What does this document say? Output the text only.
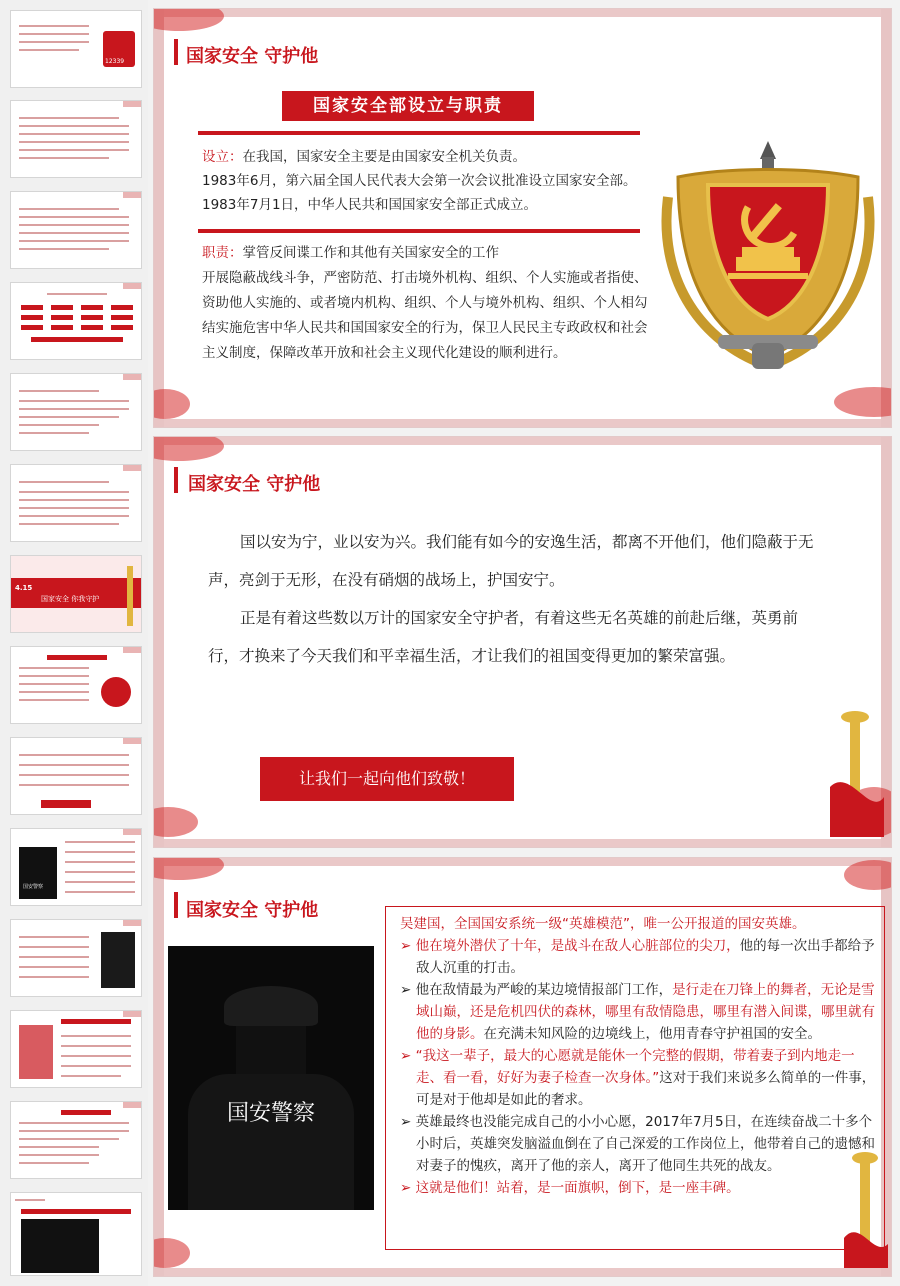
12339
4.15
国家安全 你我守护
国安警察
国家安全 守护他
国家安全部设立与职责

设立：在我国，国家安全主要是由国家安全机关负责。

1983年6月，第六届全国人民代表大会第一次会议批准设立国家安全部。1983年7月1日，中华人民共和国国家安全部正式成立。

职责：掌管反间谍工作和其他有关国家安全的工作

开展隐蔽战线斗争，严密防范、打击境外机构、组织、个人实施或者指使、资助他人实施的、或者境内机构、组织、个人与境外机构、组织、个人相勾结实施危害中华人民共和国国家安全的行为，保卫人民民主专政政权和社会主义制度，保障改革开放和社会主义现代化建设的顺利进行。

国家安全 守护他

国以安为宁，业以安为兴。我们能有如今的安逸生活，都离不开他们，他们隐蔽于无声，亮剑于无形，在没有硝烟的战场上，护国安宁。

正是有着这些数以万计的国家安全守护者，有着这些无名英雄的前赴后继，英勇前行，才换来了今天我们和平幸福生活，才让我们的祖国变得更加的繁荣富强。

让我们一起向他们致敬！
国家安全 守护他
国安警察

吴建国，全国国安系统一级“英雄模范”，唯一公开报道的国安英雄。

➢ 他在境外潜伏了十年，是战斗在敌人心脏部位的尖刀，他的每一次出手都给予敌人沉重的打击。

➢ 他在敌情最为严峻的某边境情报部门工作，是行走在刀锋上的舞者，无论是雪域山巅，还是危机四伏的森林，哪里有敌情隐患，哪里有潜入间谍，哪里就有他的身影。在充满未知风险的边境线上，他用青春守护祖国的安全。

➢ “我这一辈子，最大的心愿就是能休一个完整的假期，带着妻子到内地走一走、看一看，好好为妻子检查一次身体。”这对于我们来说多么简单的一件事，可是对于他却是如此的奢求。

➢ 英雄最终也没能完成自己的小小心愿，2017年7月5日，在连续奋战二十多个小时后，英雄突发脑溢血倒在了自己深爱的工作岗位上，他带着自己的遗憾和对妻子的愧疚，离开了他的亲人，离开了他同生共死的战友。

➢ 这就是他们！站着，是一面旗帜，倒下，是一座丰碑。
